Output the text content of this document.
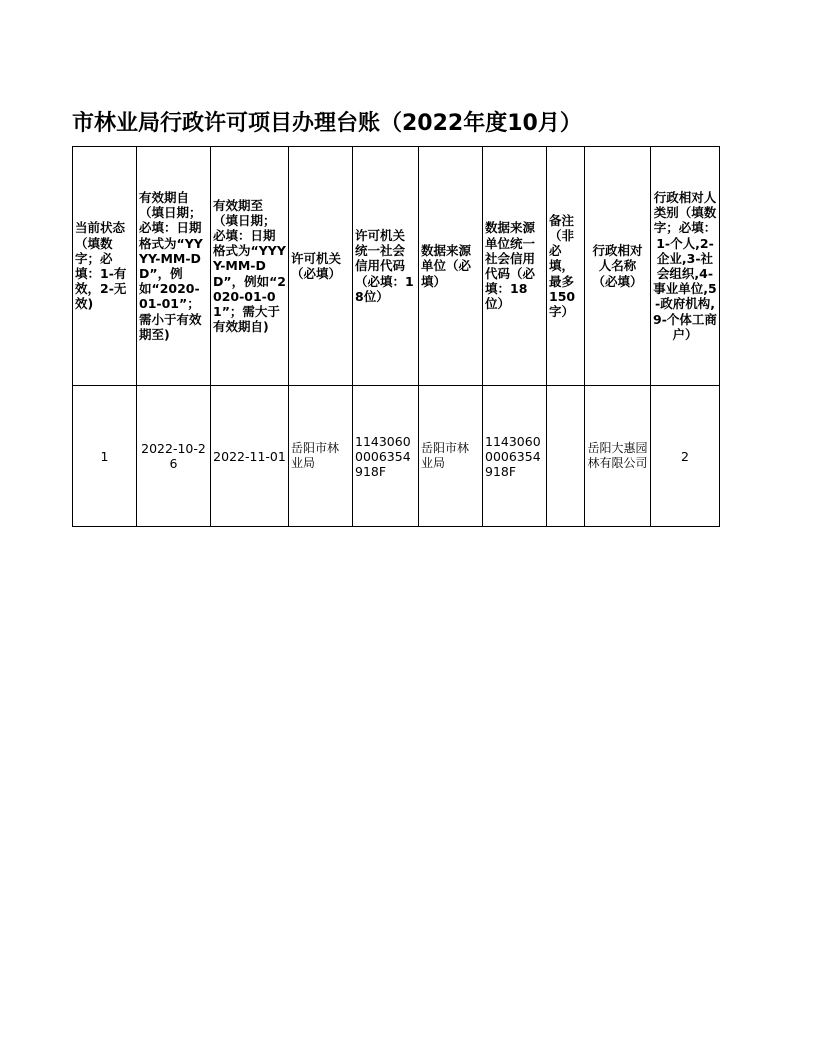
市林业局行政许可项目办理台账（2022年度10月）
当前状态（填数字；必填：1-有效，2-无效)	有效期自（填日期；必填：日期格式为“YYYY-MM-DD”，例如“2020-01-01”；需小于有效期至)	有效期至（填日期；必填：日期格式为“YYYY-MM-DD”，例如“2020-01-01”；需大于有效期自)	许可机关（必填）	许可机关统一社会信用代码（必填：18位）	数据来源单位（必填）	数据来源单位统一社会信用代码（必填：18位）	备注（非必填，最多150字）	行政相对人名称（必填）	行政相对人类别（填数字；必填：1-个人,2-企业,3-社会组织,4-事业单位,5-政府机构,9-个体工商户）
1	2022-10-26	2022-11-01	岳阳市林业局	11430600006354918F	岳阳市林业局	11430600006354918F		岳阳大惠园林有限公司	2
